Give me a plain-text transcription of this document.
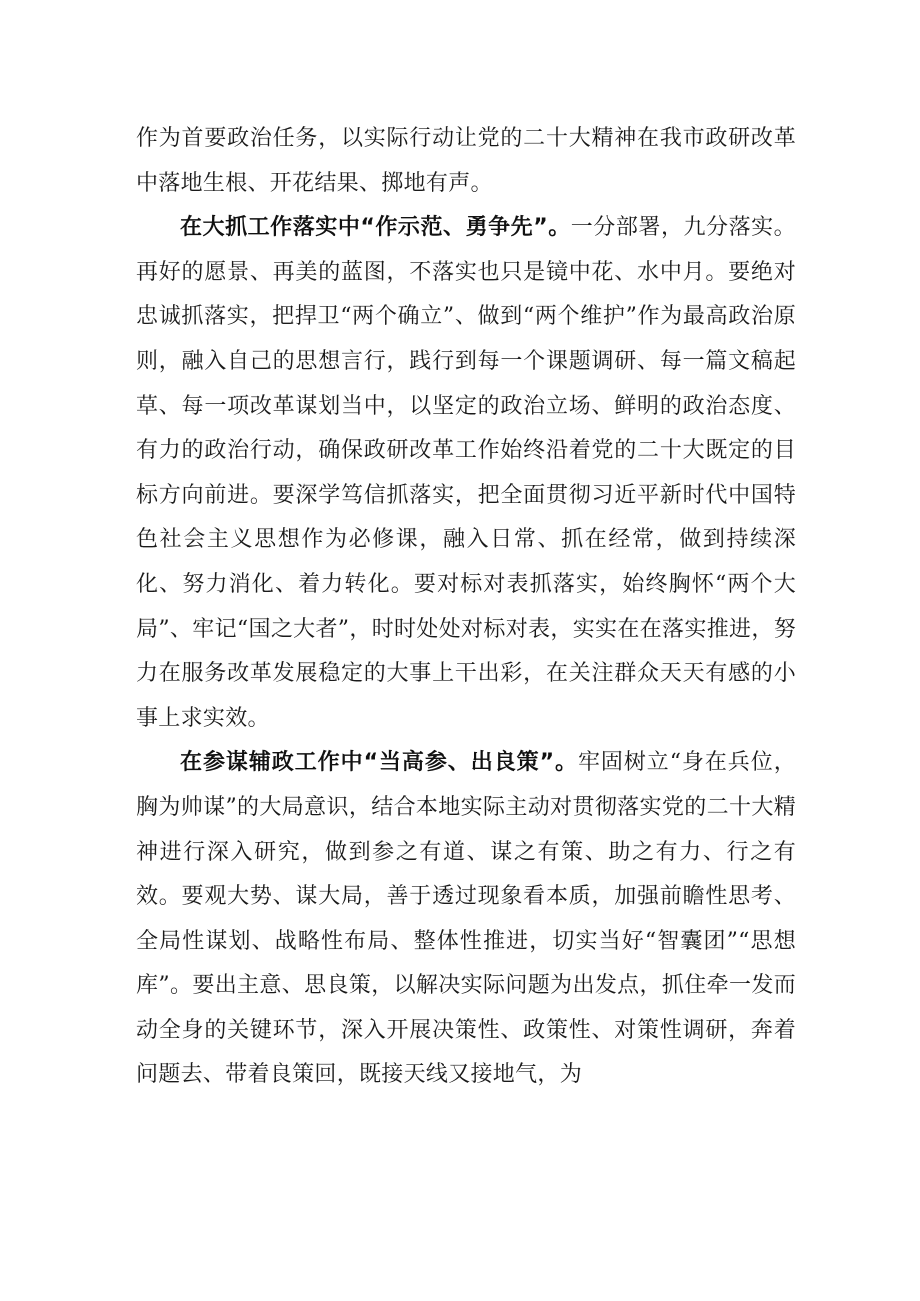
作为首要政治任务，以实际行动让党的二十大精神在我市政研改革中落地生根、开花结果、掷地有声。

在大抓工作落实中“作示范、勇争先”。一分部署，九分落实。再好的愿景、再美的蓝图，不落实也只是镜中花、水中月。要绝对忠诚抓落实，把捍卫“两个确立”、做到“两个维护”作为最高政治原则，融入自己的思想言行，践行到每一个课题调研、每一篇文稿起草、每一项改革谋划当中，以坚定的政治立场、鲜明的政治态度、有力的政治行动，确保政研改革工作始终沿着党的二十大既定的目标方向前进。要深学笃信抓落实，把全面贯彻习近平新时代中国特色社会主义思想作为必修课，融入日常、抓在经常，做到持续深化、努力消化、着力转化。要对标对表抓落实，始终胸怀“两个大局”、牢记“国之大者”，时时处处对标对表，实实在在落实推进，努力在服务改革发展稳定的大事上干出彩，在关注群众天天有感的小事上求实效。

在参谋辅政工作中“当高参、出良策”。牢固树立“身在兵位，胸为帅谋”的大局意识，结合本地实际主动对贯彻落实党的二十大精神进行深入研究，做到参之有道、谋之有策、助之有力、行之有效。要观大势、谋大局，善于透过现象看本质，加强前瞻性思考、全局性谋划、战略性布局、整体性推进，切实当好“智囊团”“思想库”。要出主意、思良策，以解决实际问题为出发点，抓住牵一发而动全身的关键环节，深入开展决策性、政策性、对策性调研，奔着问题去、带着良策回，既接天线又接地气，为
